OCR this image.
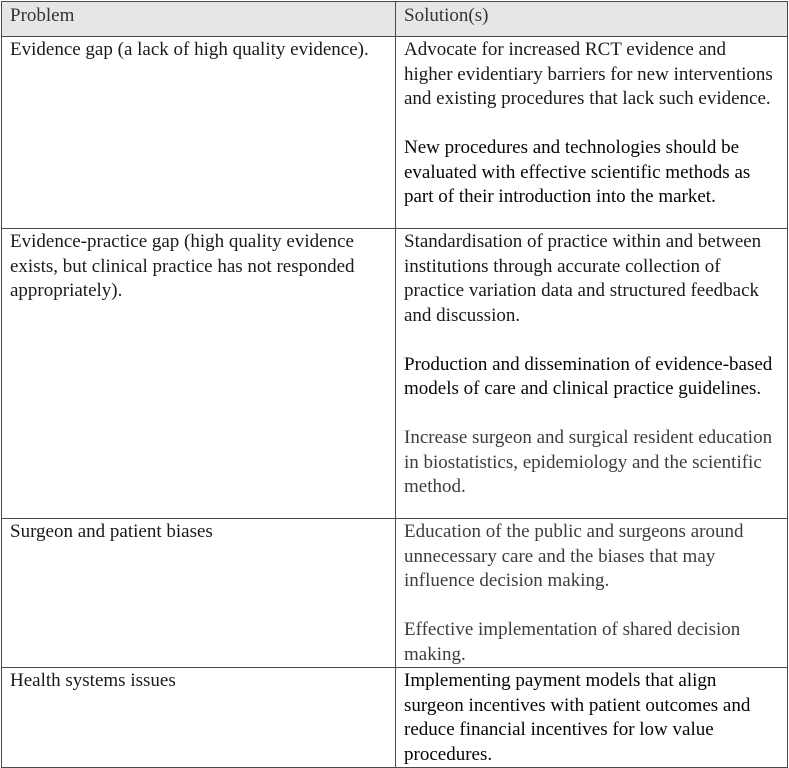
Problem	Solution(s)

Evidence gap (a lack of high quality evidence).	Advocate for increased RCT evidence and higher evidentiary barriers for new interventions and existing procedures that lack such evidence.

New procedures and technologies should be evaluated with effective scientific methods as part of their introduction into the market.

Evidence-practice gap (high quality evidence exists, but clinical practice has not responded appropriately).	Standardisation of practice within and between institutions through accurate collection of practice variation data and structured feedback and discussion.

Production and dissemination of evidence-based models of care and clinical practice guidelines.

Increase surgeon and surgical resident education in biostatistics, epidemiology and the scientific method.

Surgeon and patient biases	Education of the public and surgeons around unnecessary care and the biases that may influence decision making.

Effective implementation of shared decision making.

Health systems issues	Implementing payment models that align surgeon incentives with patient outcomes and reduce financial incentives for low value procedures.
